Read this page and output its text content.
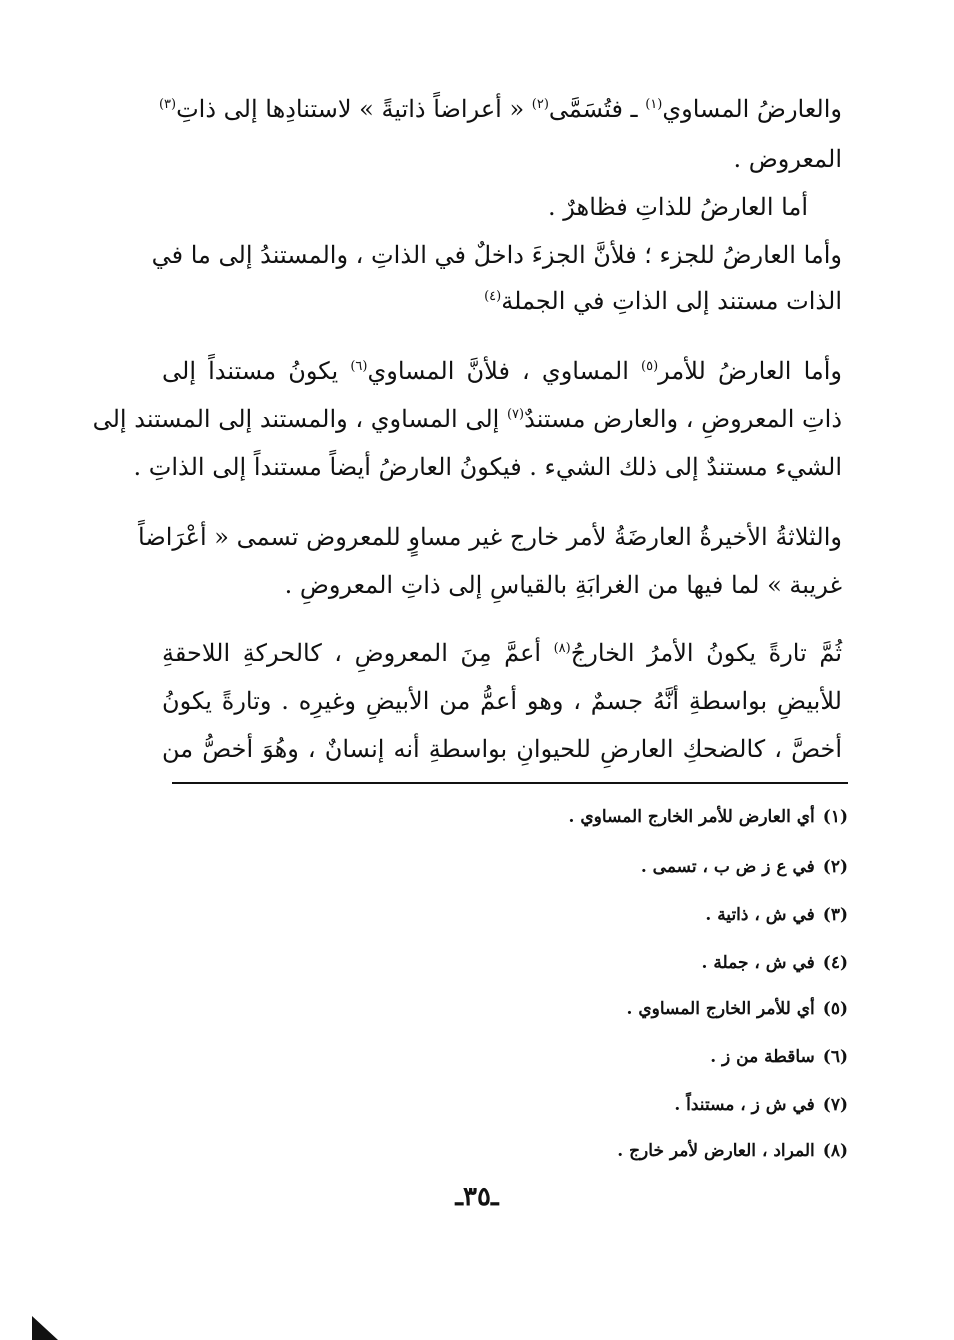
والعارضُ المساوي$^{(١)}$ ـ فتُسَمَّى$^{(٢)}$ « أعراضاً ذاتيةً » لاستنادِها إلى ذاتِ$^{(٣)}$
المعروض .
أما العارضُ للذاتِ فظاهرٌ .
وأما العارضُ للجزء ؛ فلأنَّ الجزءَ داخلٌ في الذاتِ ، والمستندُ إلى ما في
الذات مستند إلى الذاتِ في الجملة$^{(٤)}$
وأما العارضُ للأمر$^{(٥)}$ المساوي ، فلأنَّ المساوي$^{(٦)}$ يكونُ مستنداً إلى
ذاتِ المعروضِ ، والعارض مستندٌ$^{(٧)}$ إلى المساوي ، والمستند إلى المستند إلى
الشيء مستندٌ إلى ذلك الشيء . فيكونُ العارضُ أيضاً مستنداً إلى الذاتِ .
والثلاثةُ الأخيرةُ العارضَةُ لأمر خارج غير مساوٍ للمعروض تسمى « أعْرَاضاً
غريبة » لما فيها من الغرابَةِ بالقياسِ إلى ذاتِ المعروضِ .
ثُمَّ تارةً يكونُ الأمرُ الخارجُ$^{(٨)}$ أعمَّ مِنَ المعروضِ ، كالحركةِ اللاحقةِ
للأبيضِ بواسطةِ أنَّهُ جسمٌ ، وهو أعمُّ من الأبيضِ وغيرِه . وتارةً يكونُ
أخصَّ ، كالضحكِ العارضِ للحيوانِ بواسطةِ أنه إنسانٌ ، وهُوَ أخصُّ من
(١)أي العارض للأمر الخارج المساوي .
(٢)في ع ز ض ب ، تسمى .
(٣)في ش ، ذاتية .
(٤)في ش ، جملة .
(٥)أي للأمر الخارج المساوي .
(٦)ساقطة من ز .
(٧)في ش ز ، مستنداً .
(٨)المراد ، العارض لأمر خارج .
ـ٣٥ـ
